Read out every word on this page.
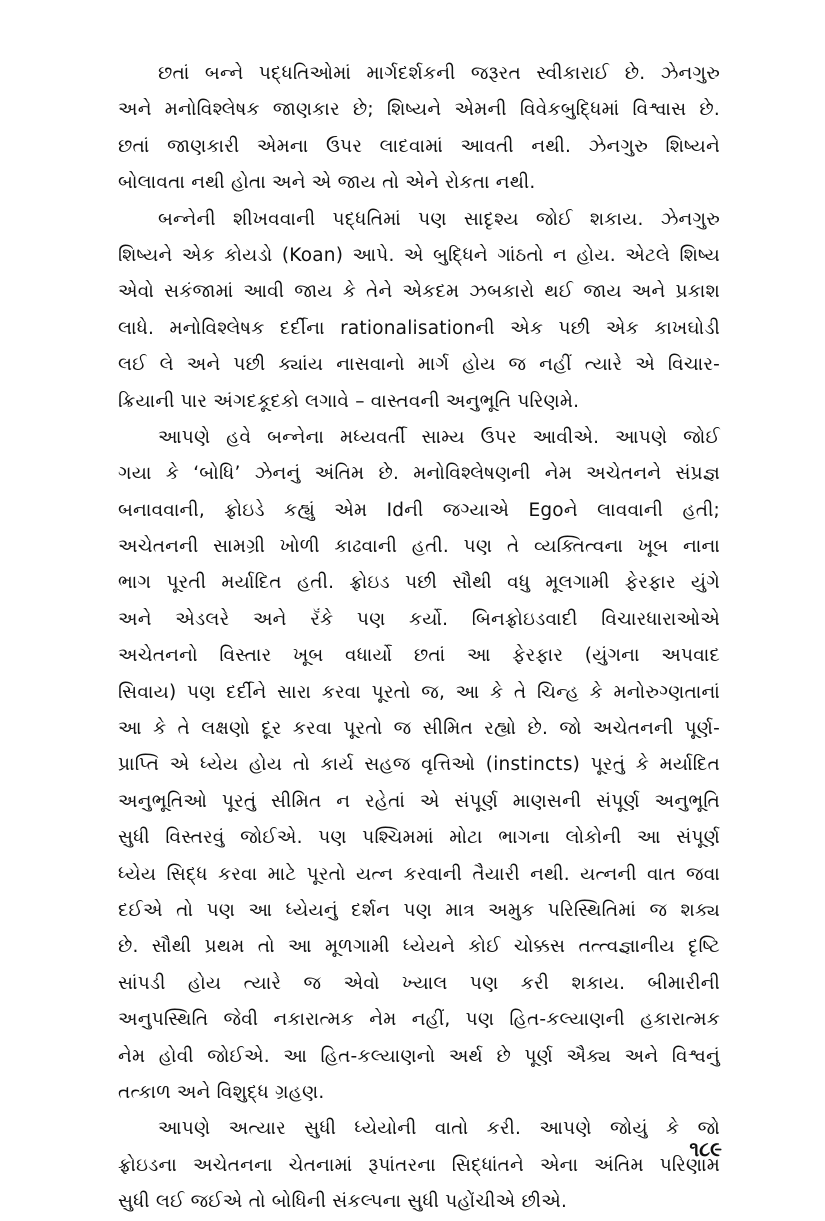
છતાં બન્ને પદ્ધતિઓમાં માર્ગદર્શકની જરૂરત સ્વીકારાઈ છે. ઝેનગુરુ
અને મનોવિશ્લેષક જાણકાર છે; શિષ્યને એમની વિવેકબુદ્ધિમાં વિશ્વાસ છે.
છતાં જાણકારી એમના ઉપર લાદવામાં આવતી નથી. ઝેનગુરુ શિષ્યને
બોલાવતા નથી હોતા અને એ જાય તો એને રોકતા નથી.
બન્નેની શીખવવાની પદ્ધતિમાં પણ સાદૃશ્ય જોઈ શકાય. ઝેનગુરુ
શિષ્યને એક કોયડો (Koan) આપે. એ બુદ્ધિને ગાંઠતો ન હોય. એટલે શિષ્ય
એવો સકંજામાં આવી જાય કે તેને એકદમ ઝબકારો થઈ જાય અને પ્રકાશ
લાધે. મનોવિશ્લેષક દર્દીના rationalisationની એક પછી એક કાખઘોડી
લઈ લે અને પછી ક્યાંય નાસવાનો માર્ગ હોય જ નહીં ત્યારે એ વિચાર-
ક્રિયાની પાર અંગદકૂદકો લગાવે – વાસ્તવની અનુભૂતિ પરિણમે.
આપણે હવે બન્નેના મધ્યવર્તી સામ્ય ઉપર આવીએ. આપણે જોઈ
ગયા કે ‘બોધિ’ ઝેનનું અંતિમ છે. મનોવિશ્લેષણની નેમ અચેતનને સંપ્રજ્ઞ
બનાવવાની, ફ્રોઇડે કહ્યું એમ Idની જગ્યાએ Egoને લાવવાની હતી;
અચેતનની સામગ્રી ખોળી કાઢવાની હતી. પણ તે વ્યક્તિત્વના ખૂબ નાના
ભાગ પૂરતી મર્યાદિત હતી. ફ્રોઇડ પછી સૌથી વધુ મૂલગામી ફેરફાર યુંગે
અને એડલરે અને રૅંકે પણ કર્યો. બિનફ્રોઇડવાદી વિચારધારાઓએ
અચેતનનો વિસ્તાર ખૂબ વધાર્યો છતાં આ ફેરફાર (યુંગના અપવાદ
સિવાય) પણ દર્દીને સારા કરવા પૂરતો જ, આ કે તે ચિન્હ કે મનોરુગ્ણતાનાં
આ કે તે લક્ષણો દૂર કરવા પૂરતો જ સીમિત રહ્યો છે. જો અચેતનની પૂર્ણ-
પ્રાપ્તિ એ ધ્યેય હોય તો કાર્ય સહજ વૃત્તિઓ (instincts) પૂરતું કે મર્યાદિત
અનુભૂતિઓ પૂરતું સીમિત ન રહેતાં એ સંપૂર્ણ માણસની સંપૂર્ણ અનુભૂતિ
સુધી વિસ્તરવું જોઈએ. પણ પશ્ચિમમાં મોટા ભાગના લોકોની આ સંપૂર્ણ
ધ્યેય સિદ્ધ કરવા માટે પૂરતો યત્ન કરવાની તૈયારી નથી. યત્નની વાત જવા
દઈએ તો પણ આ ધ્યેયનું દર્શન પણ માત્ર અમુક પરિસ્થિતિમાં જ શક્ય
છે. સૌથી પ્રથમ તો આ મૂળગામી ધ્યેયને કોઈ ચોક્કસ તત્ત્વજ્ઞાનીય દૃષ્ટિ
સાંપડી હોય ત્યારે જ એવો ખ્યાલ પણ કરી શકાય. બીમારીની
અનુપસ્થિતિ જેવી નકારાત્મક નેમ નહીં, પણ હિત-કલ્યાણની હકારાત્મક
નેમ હોવી જોઈએ. આ હિત-કલ્યાણનો અર્થ છે પૂર્ણ ઐક્ય અને વિશ્વનું
તત્કાળ અને વિશુદ્ધ ગ્રહણ.
આપણે અત્યાર સુધી ધ્યેયોની વાતો કરી. આપણે જોયું કે જો
ફ્રોઇડના અચેતનના ચેતનામાં રૂપાંતરના સિદ્ધાંતને એના અંતિમ પરિણામ
સુધી લઈ જઈએ તો બોધિની સંકલ્પના સુધી પહોંચીએ છીએ.
૧૮૯
